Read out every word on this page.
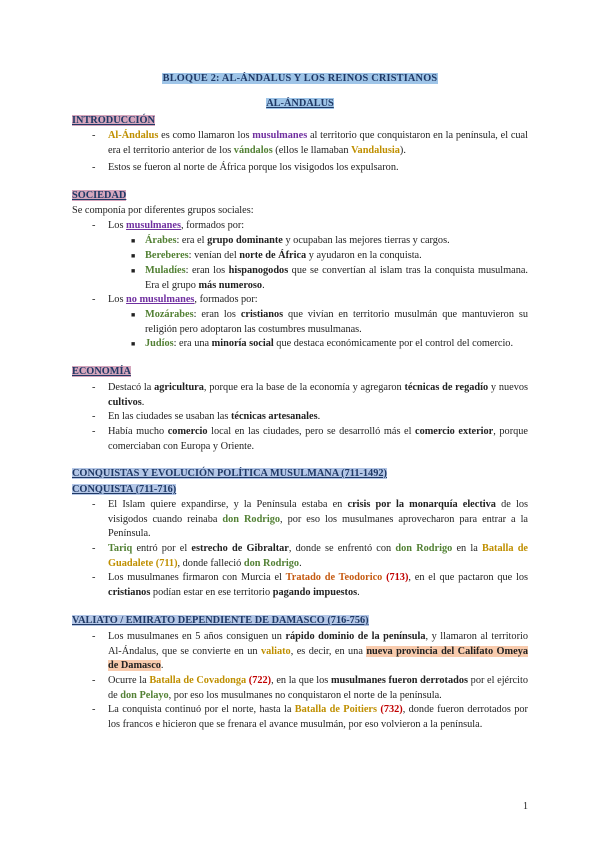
BLOQUE 2: AL-ÁNDALUS Y LOS REINOS CRISTIANOS
AL-ÁNDALUS
INTRODUCCIÓN
- Al-Ándalus es como llamaron los musulmanes al territorio que conquistaron en la península, el cual era el territorio anterior de los vándalos (ellos le llamaban Vandalusia).
- Estos se fueron al norte de África porque los visigodos los expulsaron.
SOCIEDAD
Se componía por diferentes grupos sociales:
- Los musulmanes, formados por:
■ Árabes: era el grupo dominante y ocupaban las mejores tierras y cargos.
■ Bereberes: venían del norte de África y ayudaron en la conquista.
■ Muladíes: eran los hispanogodos que se convertían al islam tras la conquista musulmana. Era el grupo más numeroso.
- Los no musulmanes, formados por:
■ Mozárabes: eran los cristianos que vivían en territorio musulmán que mantuvieron su religión pero adoptaron las costumbres musulmanas.
■ Judíos: era una minoría social que destaca económicamente por el control del comercio.
ECONOMÍA
- Destacó la agricultura, porque era la base de la economía y agregaron técnicas de regadío y nuevos cultivos.
- En las ciudades se usaban las técnicas artesanales.
- Había mucho comercio local en las ciudades, pero se desarrolló más el comercio exterior, porque comerciaban con Europa y Oriente.
CONQUISTAS Y EVOLUCIÓN POLÍTICA MUSULMANA (711-1492)
CONQUISTA (711-716)
- El Islam quiere expandirse, y la Península estaba en crisis por la monarquía electiva de los visigodos cuando reinaba don Rodrigo, por eso los musulmanes aprovecharon para entrar a la Península.
- Tariq entró por el estrecho de Gibraltar, donde se enfrentó con don Rodrigo en la Batalla de Guadalete (711), donde falleció don Rodrigo.
- Los musulmanes firmaron con Murcia el Tratado de Teodorico (713), en el que pactaron que los cristianos podían estar en ese territorio pagando impuestos.
VALIATO / EMIRATO DEPENDIENTE DE DAMASCO (716-756)
- Los musulmanes en 5 años consiguen un rápido dominio de la península, y llamaron al territorio Al-Ándalus, que se convierte en un valiato, es decir, en una nueva provincia del Califato Omeya de Damasco.
- Ocurre la Batalla de Covadonga (722), en la que los musulmanes fueron derrotados por el ejército de don Pelayo, por eso los musulmanes no conquistaron el norte de la península.
- La conquista continuó por el norte, hasta la Batalla de Poitiers (732), donde fueron derrotados por los francos e hicieron que se frenara el avance musulmán, por eso volvieron a la península.
1
